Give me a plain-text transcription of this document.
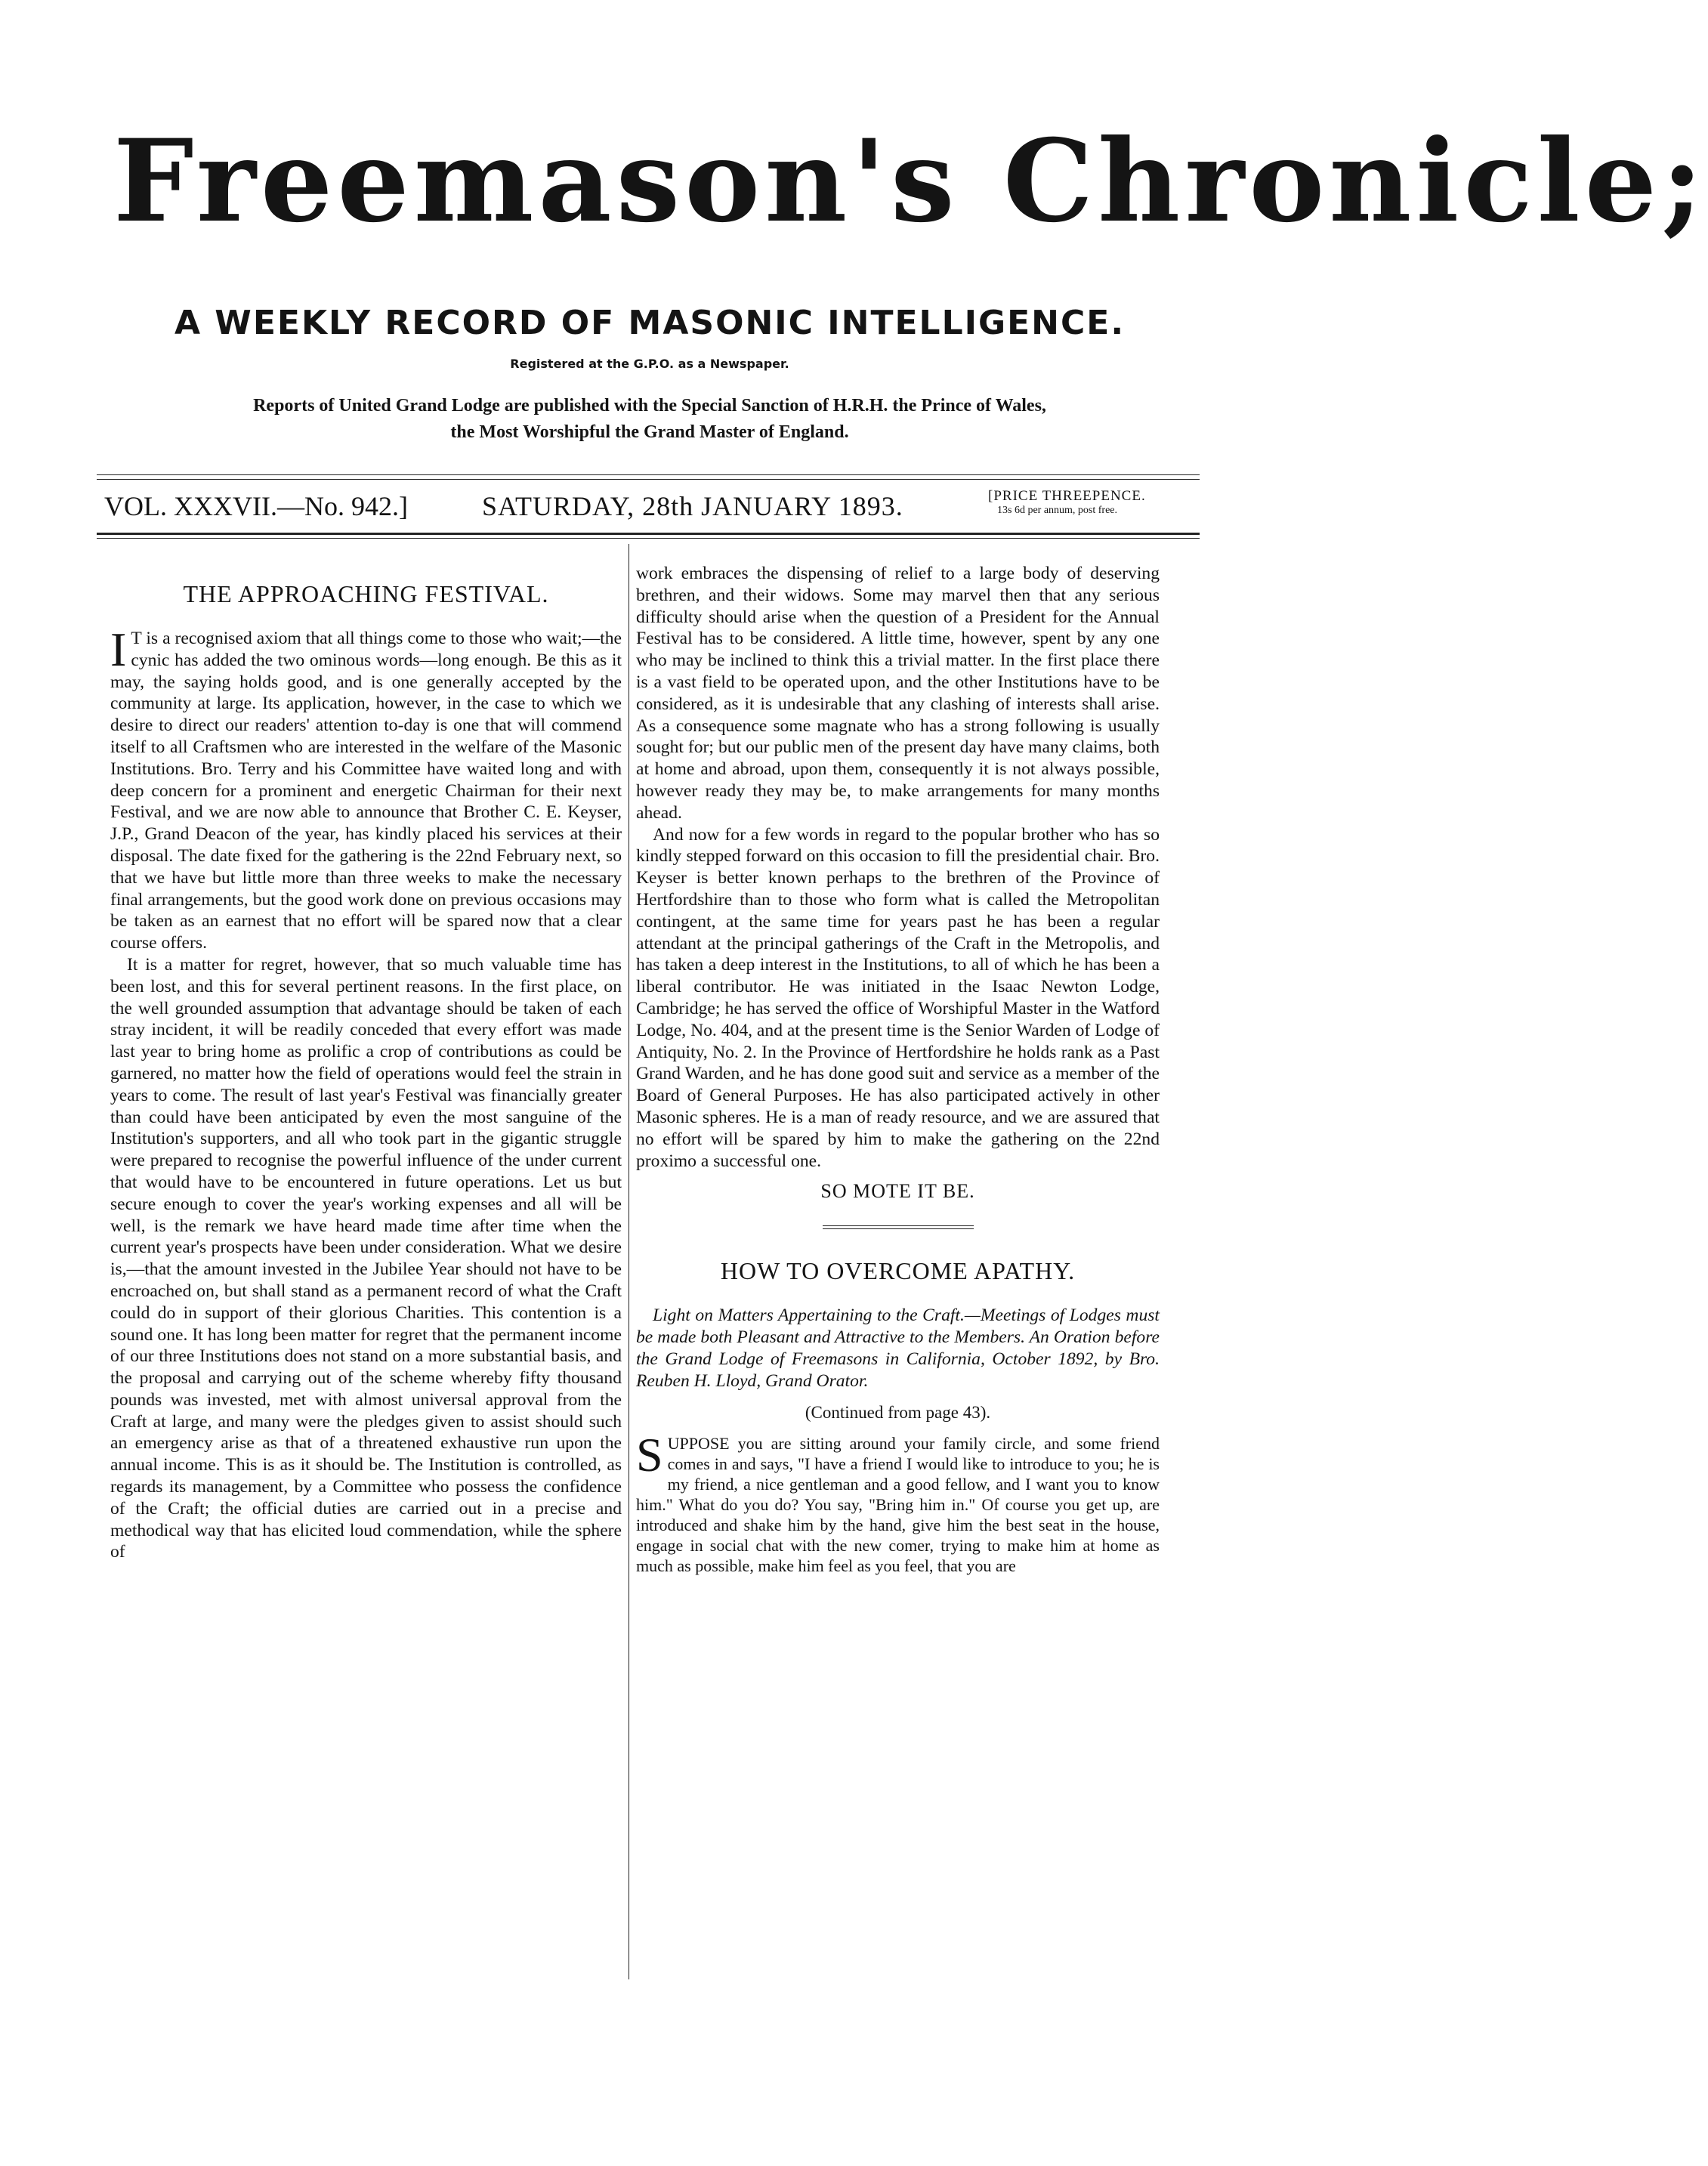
Freemason's Chronicle;
A WEEKLY RECORD OF MASONIC INTELLIGENCE.
Registered at the G.P.O. as a Newspaper.
Reports of United Grand Lodge are published with the Special Sanction of H.R.H. the Prince of Wales,
the Most Worshipful the Grand Master of England.
VOL. XXXVII.—No. 942.]	SATURDAY, 28th JANUARY 1893.	[PRICE THREEPENCE.
13s 6d per annum, post free.
THE APPROACHING FESTIVAL.

I T is a recognised axiom that all things come to those who wait;—the cynic has added the two ominous words—long enough. Be this as it may, the saying holds good, and is one generally accepted by the community at large. Its application, however, in the case to which we desire to direct our readers' attention to-day is one that will commend itself to all Craftsmen who are interested in the welfare of the Masonic Institutions. Bro. Terry and his Committee have waited long and with deep concern for a prominent and energetic Chairman for their next Festival, and we are now able to announce that Brother C. E. Keyser, J.P., Grand Deacon of the year, has kindly placed his services at their disposal. The date fixed for the gathering is the 22nd February next, so that we have but little more than three weeks to make the necessary final arrangements, but the good work done on previous occasions may be taken as an earnest that no effort will be spared now that a clear course offers.

It is a matter for regret, however, that so much valuable time has been lost, and this for several pertinent reasons. In the first place, on the well grounded assumption that advantage should be taken of each stray incident, it will be readily conceded that every effort was made last year to bring home as prolific a crop of contributions as could be garnered, no matter how the field of operations would feel the strain in years to come. The result of last year's Festival was financially greater than could have been anticipated by even the most sanguine of the Institution's supporters, and all who took part in the gigantic struggle were prepared to recognise the powerful influence of the under current that would have to be encountered in future operations. Let us but secure enough to cover the year's working expenses and all will be well, is the remark we have heard made time after time when the current year's prospects have been under consideration. What we desire is,—that the amount invested in the Jubilee Year should not have to be encroached on, but shall stand as a permanent record of what the Craft could do in support of their glorious Charities. This contention is a sound one. It has long been matter for regret that the permanent income of our three Institutions does not stand on a more substantial basis, and the proposal and carrying out of the scheme whereby fifty thousand pounds was invested, met with almost universal approval from the Craft at large, and many were the pledges given to assist should such an emergency arise as that of a threatened exhaustive run upon the annual income. This is as it should be. The Institution is controlled, as regards its management, by a Committee who possess the confidence of the Craft; the official duties are carried out in a precise and methodical way that has elicited loud commendation, while the sphere of

work embraces the dispensing of relief to a large body of deserving brethren, and their widows. Some may marvel then that any serious difficulty should arise when the question of a President for the Annual Festival has to be considered. A little time, however, spent by any one who may be inclined to think this a trivial matter. In the first place there is a vast field to be operated upon, and the other Institutions have to be considered, as it is undesirable that any clashing of interests shall arise. As a consequence some magnate who has a strong following is usually sought for; but our public men of the present day have many claims, both at home and abroad, upon them, consequently it is not always possible, however ready they may be, to make arrangements for many months ahead.

And now for a few words in regard to the popular brother who has so kindly stepped forward on this occasion to fill the presidential chair. Bro. Keyser is better known perhaps to the brethren of the Province of Hertfordshire than to those who form what is called the Metropolitan contingent, at the same time for years past he has been a regular attendant at the principal gatherings of the Craft in the Metropolis, and has taken a deep interest in the Institutions, to all of which he has been a liberal contributor. He was initiated in the Isaac Newton Lodge, Cambridge; he has served the office of Worshipful Master in the Watford Lodge, No. 404, and at the present time is the Senior Warden of Lodge of Antiquity, No. 2. In the Province of Hertfordshire he holds rank as a Past Grand Warden, and he has done good suit and service as a member of the Board of General Purposes. He has also participated actively in other Masonic spheres. He is a man of ready resource, and we are assured that no effort will be spared by him to make the gathering on the 22nd proximo a successful one.

SO MOTE IT BE.
HOW TO OVERCOME APATHY.

Light on Matters Appertaining to the Craft.—Meetings of Lodges must be made both Pleasant and Attractive to the Members. An Oration before the Grand Lodge of Freemasons in California, October 1892, by Bro. Reuben H. Lloyd, Grand Orator.

(Continued from page 43).

SUPPOSE you are sitting around your family circle, and some friend comes in and says, "I have a friend I would like to introduce to you; he is my friend, a nice gentleman and a good fellow, and I want you to know him." What do you do? You say, "Bring him in." Of course you get up, are introduced and shake him by the hand, give him the best seat in the house, engage in social chat with the new comer, trying to make him at home as much as possible, make him feel as you feel, that you are
